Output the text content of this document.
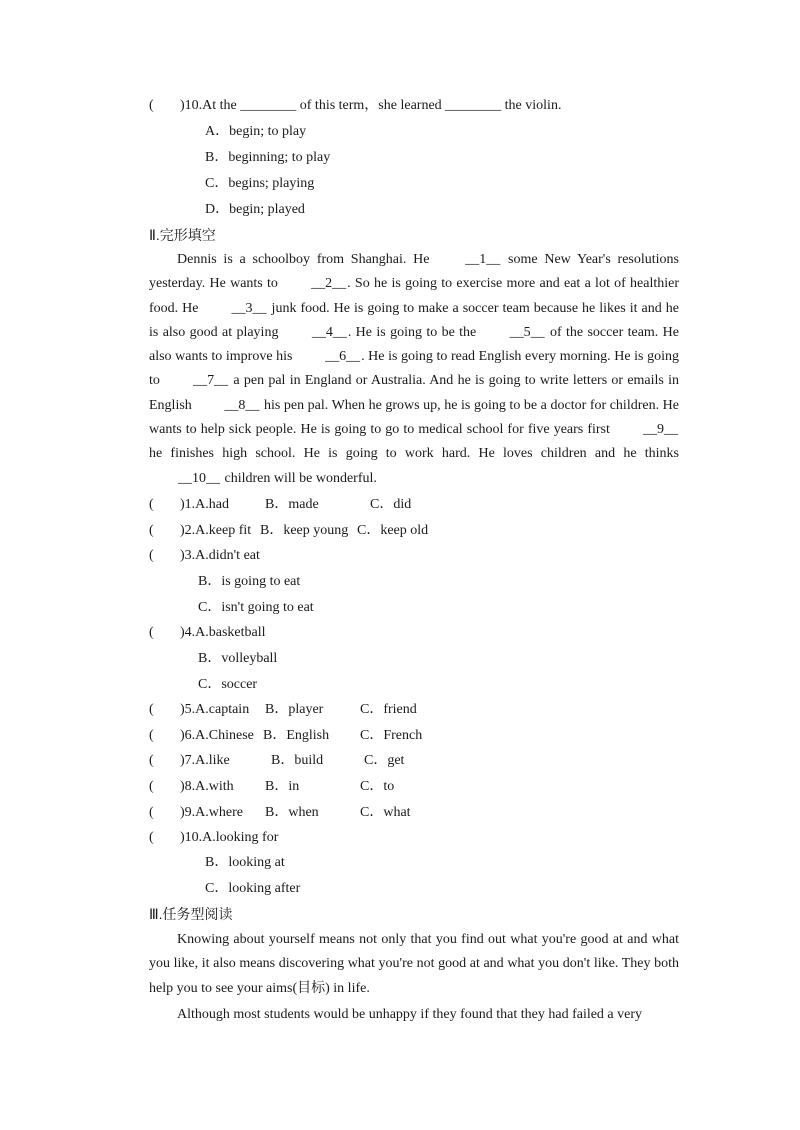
( )10.At the ________ of this term，she learned ________ the violin.
A．begin; to play
B．beginning; to play
C．begins; playing
D．begin; played
Ⅱ.完形填空
Dennis is a schoolboy from Shanghai. He __1__ some New Year's resolutions yesterday. He wants to __2__. So he is going to exercise more and eat a lot of healthier food. He __3__ junk food. He is going to make a soccer team because he likes it and he is also good at playing __4__. He is going to be the __5__ of the soccer team. He also wants to improve his __6__. He is going to read English every morning. He is going to __7__ a pen pal in England or Australia. And he is going to write letters or emails in English __8__ his pen pal. When he grows up, he is going to be a doctor for children. He wants to help sick people. He is going to go to medical school for five years first __9__ he finishes high school. He is going to work hard. He loves children and he thinks __10__ children will be wonderful.
( )1.A.had	B．made	C．did
( )2.A.keep fit B．keep young C．keep old
( )3.A.didn't eat
B．is going to eat
C．isn't going to eat
( )4.A.basketball
B．volleyball
C．soccer
( )5.A.captain B．player	C．friend
( )6.A.Chinese B．English C．French
( )7.A.like	B．build	C．get
( )8.A.with B．in	C．to
( )9.A.where B．when	C．what
( )10.A.looking for
B．looking at
C．looking after
Ⅲ.任务型阅读
Knowing about yourself means not only that you find out what you're good at and what you like, it also means discovering what you're not good at and what you don't like. They both help you to see your aims(目标) in life.
Although most students would be unhappy if they found that they had failed a very
